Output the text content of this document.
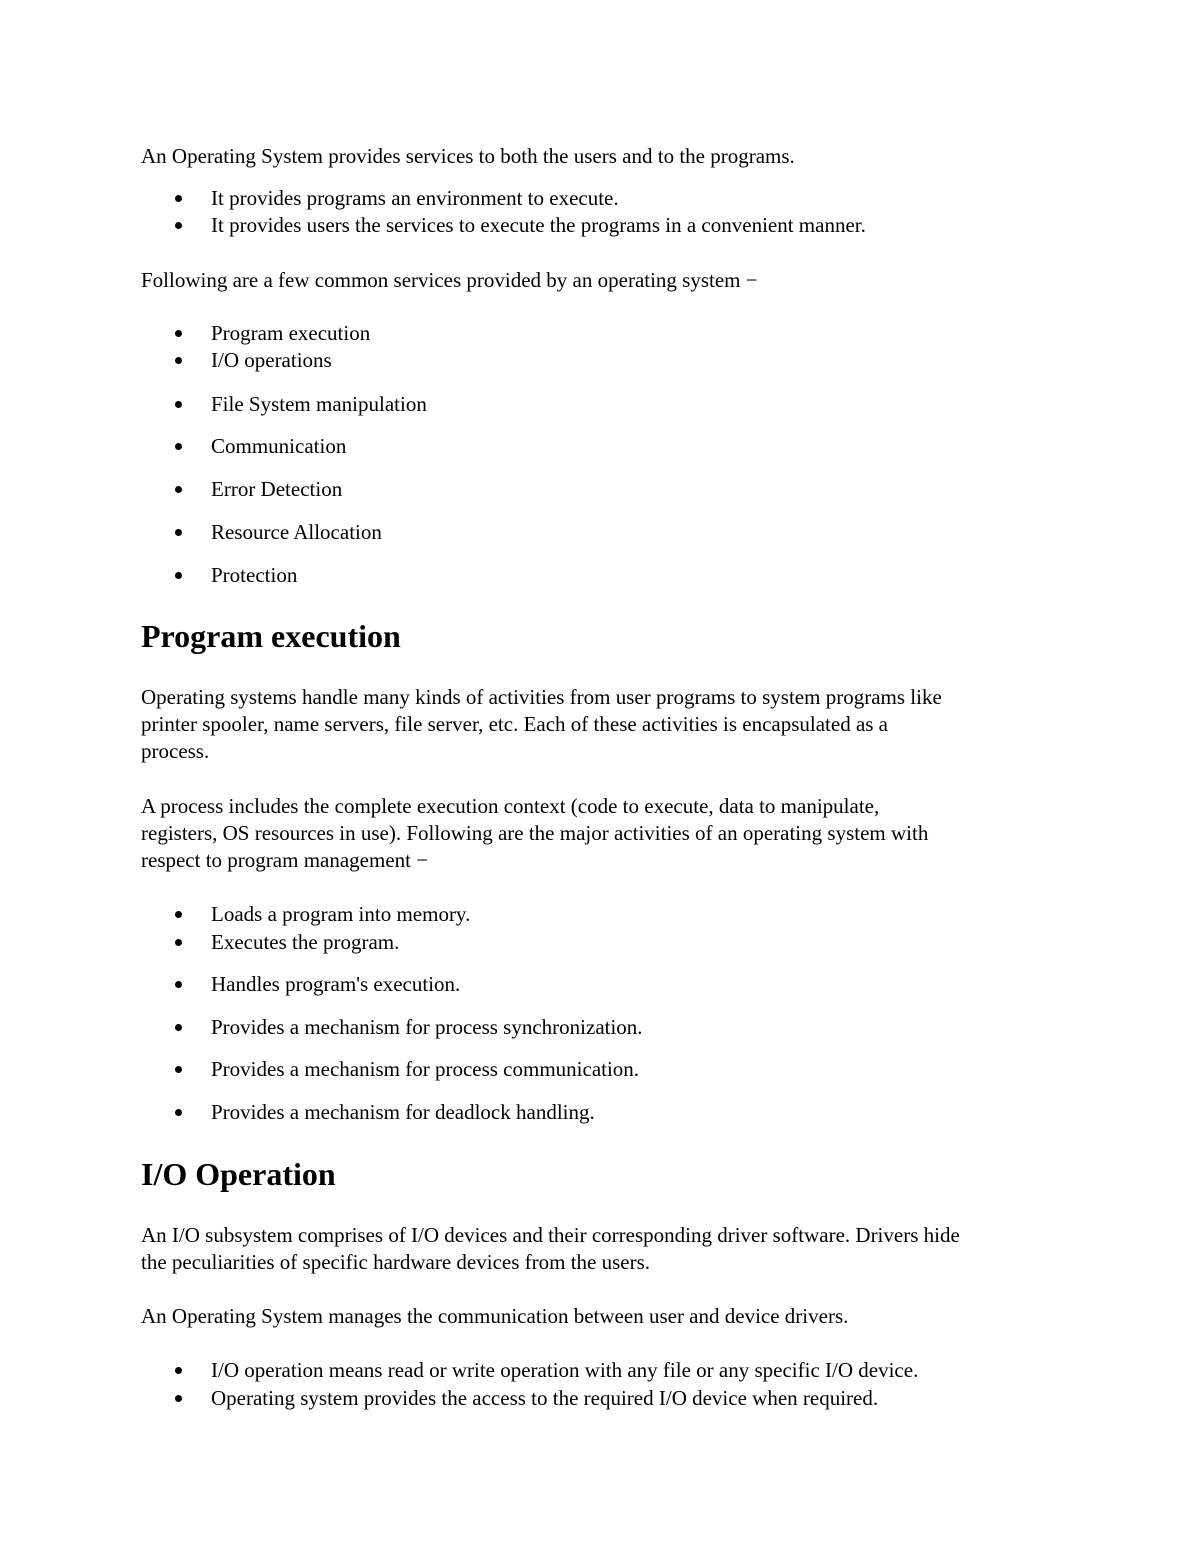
An Operating System provides services to both the users and to the programs.

It provides programs an environment to execute.
It provides users the services to execute the programs in a convenient manner.

Following are a few common services provided by an operating system −

Program execution
I/O operations
File System manipulation
Communication
Error Detection
Resource Allocation
Protection
Program execution
Operating systems handle many kinds of activities from user programs to system programs like
printer spooler, name servers, file server, etc. Each of these activities is encapsulated as a
process.
A process includes the complete execution context (code to execute, data to manipulate,
registers, OS resources in use). Following are the major activities of an operating system with
respect to program management −
Loads a program into memory.
Executes the program.
Handles program's execution.
Provides a mechanism for process synchronization.
Provides a mechanism for process communication.
Provides a mechanism for deadlock handling.
I/O Operation
An I/O subsystem comprises of I/O devices and their corresponding driver software. Drivers hide
the peculiarities of specific hardware devices from the users.

An Operating System manages the communication between user and device drivers.

I/O operation means read or write operation with any file or any specific I/O device.
Operating system provides the access to the required I/O device when required.
